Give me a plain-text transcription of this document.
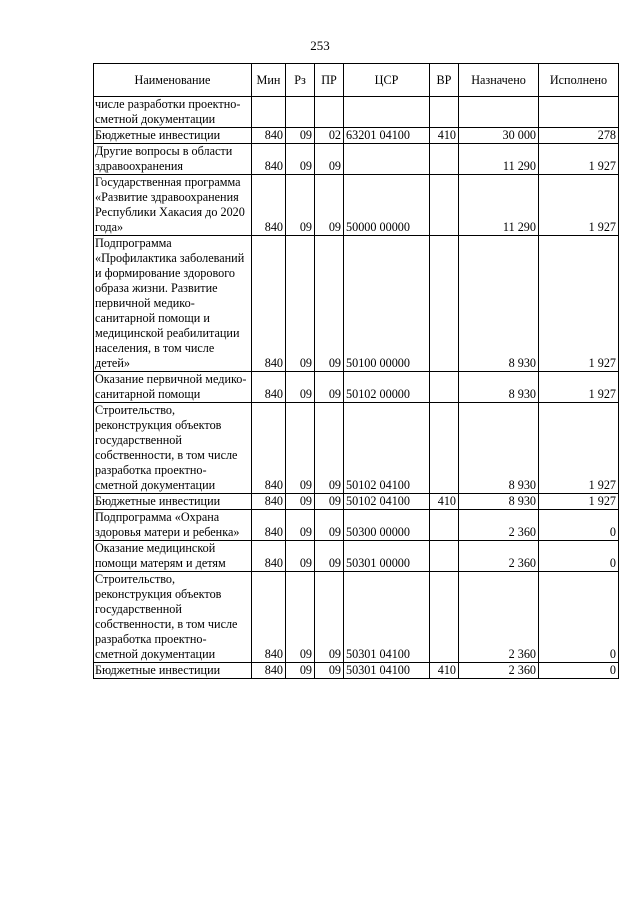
253
Наименование	Мин	Рз	ПР	ЦСР	ВР	Назначено	Исполнено
числе разработки проектно-сметной документации							
Бюджетные инвестиции	840	09	02	63201 04100	410	30 000	278
Другие вопросы в области здравоохранения	840	09	09			11 290	1 927
Государственная программа «Развитие здравоохранения Республики Хакасия до 2020 года»	840	09	09	50000 00000		11 290	1 927
Подпрограмма «Профилактика заболеваний и формирование здорового образа жизни. Развитие первичной медико-санитарной помощи и медицинской реабилитации населения, в том числе детей»	840	09	09	50100 00000		8 930	1 927
Оказание первичной медико-санитарной помощи	840	09	09	50102 00000		8 930	1 927
Строительство, реконструкция объектов государственной собственности, в том числе разработка проектно-сметной документации	840	09	09	50102 04100		8 930	1 927
Бюджетные инвестиции	840	09	09	50102 04100	410	8 930	1 927
Подпрограмма «Охрана здоровья матери и ребенка»	840	09	09	50300 00000		2 360	0
Оказание медицинской помощи матерям и детям	840	09	09	50301 00000		2 360	0
Строительство, реконструкция объектов государственной собственности, в том числе разработка проектно-сметной документации	840	09	09	50301 04100		2 360	0
Бюджетные инвестиции	840	09	09	50301 04100	410	2 360	0
